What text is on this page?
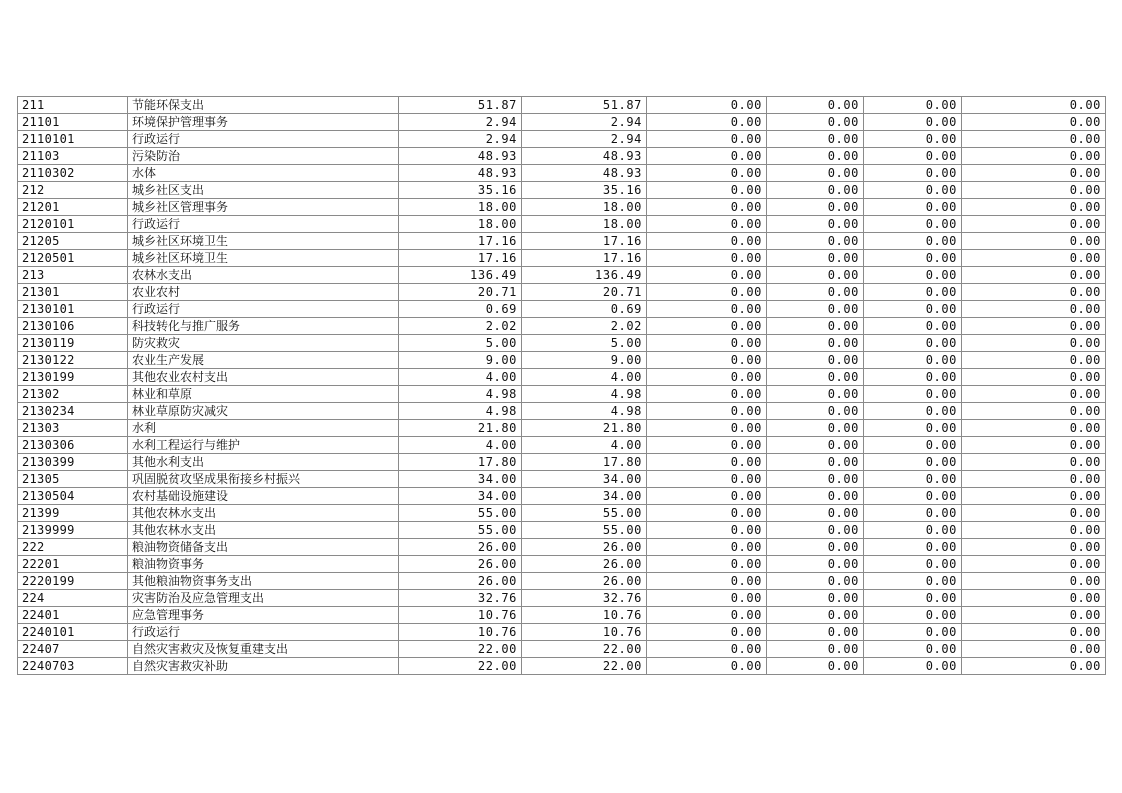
211	节能环保支出	51.87	51.87	0.00	0.00	0.00	0.00
21101	环境保护管理事务	2.94	2.94	0.00	0.00	0.00	0.00
2110101	行政运行	2.94	2.94	0.00	0.00	0.00	0.00
21103	污染防治	48.93	48.93	0.00	0.00	0.00	0.00
2110302	水体	48.93	48.93	0.00	0.00	0.00	0.00
212	城乡社区支出	35.16	35.16	0.00	0.00	0.00	0.00
21201	城乡社区管理事务	18.00	18.00	0.00	0.00	0.00	0.00
2120101	行政运行	18.00	18.00	0.00	0.00	0.00	0.00
21205	城乡社区环境卫生	17.16	17.16	0.00	0.00	0.00	0.00
2120501	城乡社区环境卫生	17.16	17.16	0.00	0.00	0.00	0.00
213	农林水支出	136.49	136.49	0.00	0.00	0.00	0.00
21301	农业农村	20.71	20.71	0.00	0.00	0.00	0.00
2130101	行政运行	0.69	0.69	0.00	0.00	0.00	0.00
2130106	科技转化与推广服务	2.02	2.02	0.00	0.00	0.00	0.00
2130119	防灾救灾	5.00	5.00	0.00	0.00	0.00	0.00
2130122	农业生产发展	9.00	9.00	0.00	0.00	0.00	0.00
2130199	其他农业农村支出	4.00	4.00	0.00	0.00	0.00	0.00
21302	林业和草原	4.98	4.98	0.00	0.00	0.00	0.00
2130234	林业草原防灾减灾	4.98	4.98	0.00	0.00	0.00	0.00
21303	水利	21.80	21.80	0.00	0.00	0.00	0.00
2130306	水利工程运行与维护	4.00	4.00	0.00	0.00	0.00	0.00
2130399	其他水利支出	17.80	17.80	0.00	0.00	0.00	0.00
21305	巩固脱贫攻坚成果衔接乡村振兴	34.00	34.00	0.00	0.00	0.00	0.00
2130504	农村基础设施建设	34.00	34.00	0.00	0.00	0.00	0.00
21399	其他农林水支出	55.00	55.00	0.00	0.00	0.00	0.00
2139999	其他农林水支出	55.00	55.00	0.00	0.00	0.00	0.00
222	粮油物资储备支出	26.00	26.00	0.00	0.00	0.00	0.00
22201	粮油物资事务	26.00	26.00	0.00	0.00	0.00	0.00
2220199	其他粮油物资事务支出	26.00	26.00	0.00	0.00	0.00	0.00
224	灾害防治及应急管理支出	32.76	32.76	0.00	0.00	0.00	0.00
22401	应急管理事务	10.76	10.76	0.00	0.00	0.00	0.00
2240101	行政运行	10.76	10.76	0.00	0.00	0.00	0.00
22407	自然灾害救灾及恢复重建支出	22.00	22.00	0.00	0.00	0.00	0.00
2240703	自然灾害救灾补助	22.00	22.00	0.00	0.00	0.00	0.00
